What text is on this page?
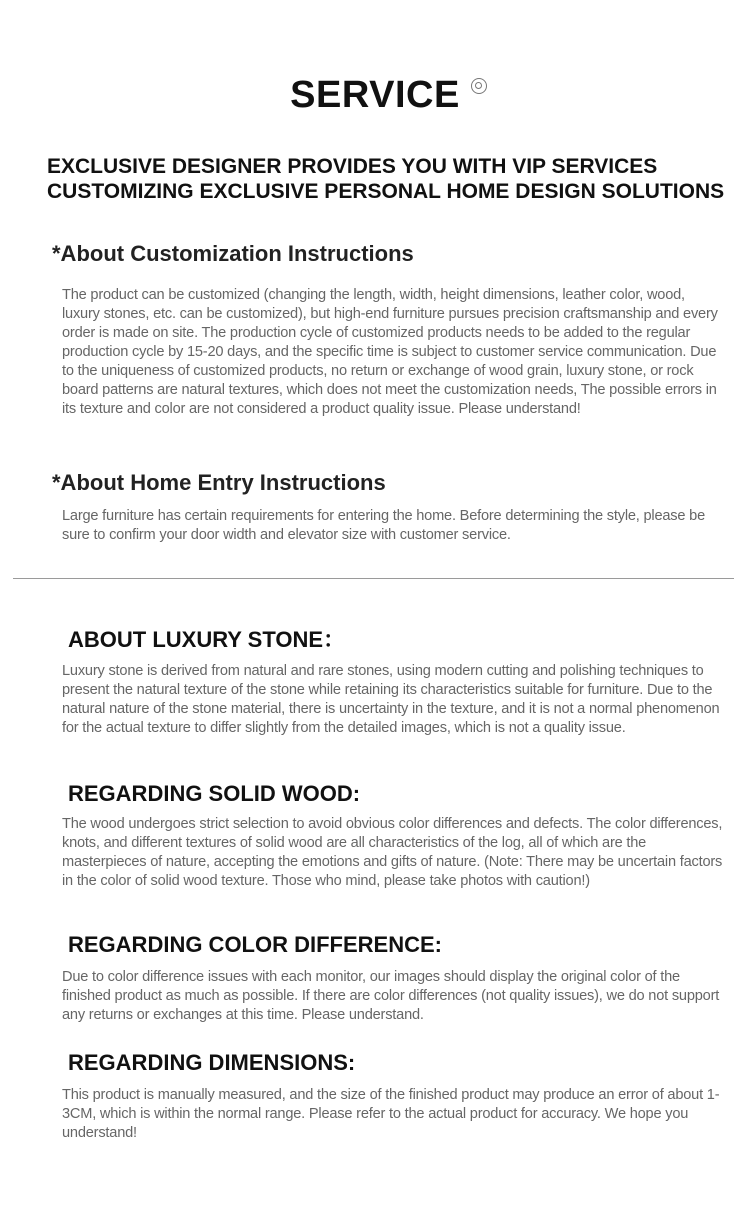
SERVICE
EXCLUSIVE DESIGNER PROVIDES YOU WITH VIP SERVICES
CUSTOMIZING EXCLUSIVE PERSONAL HOME DESIGN SOLUTIONS
*About Customization Instructions

The product can be customized (changing the length, width, height dimensions, leather color, wood, luxury stones, etc. can be customized), but high-end furniture pursues precision craftsmanship and every order is made on site. The production cycle of customized products needs to be added to the regular production cycle by 15-20 days, and the specific time is subject to customer service communication. Due to the uniqueness of customized products, no return or exchange of wood grain, luxury stone, or rock board patterns are natural textures, which does not meet the customization needs, The possible errors in its texture and color are not considered a product quality issue. Please understand!

*About Home Entry Instructions

Large furniture has certain requirements for entering the home. Before determining the style, please be sure to confirm your door width and elevator size with customer service.

ABOUT LUXURY STONE：

Luxury stone is derived from natural and rare stones, using modern cutting and polishing techniques to present the natural texture of the stone while retaining its characteristics suitable for furniture. Due to the natural nature of the stone material, there is uncertainty in the texture, and it is not a normal phenomenon for the actual texture to differ slightly from the detailed images, which is not a quality issue.

REGARDING SOLID WOOD:

The wood undergoes strict selection to avoid obvious color differences and defects. The color differences, knots, and different textures of solid wood are all characteristics of the log, all of which are the masterpieces of nature, accepting the emotions and gifts of nature. (Note: There may be uncertain factors in the color of solid wood texture. Those who mind, please take photos with caution!)

REGARDING COLOR DIFFERENCE:

Due to color difference issues with each monitor, our images should display the original color of the finished product as much as possible. If there are color differences (not quality issues), we do not support any returns or exchanges at this time. Please understand.

REGARDING DIMENSIONS:

This product is manually measured, and the size of the finished product may produce an error of about 1-3CM, which is within the normal range. Please refer to the actual product for accuracy. We hope you understand!
